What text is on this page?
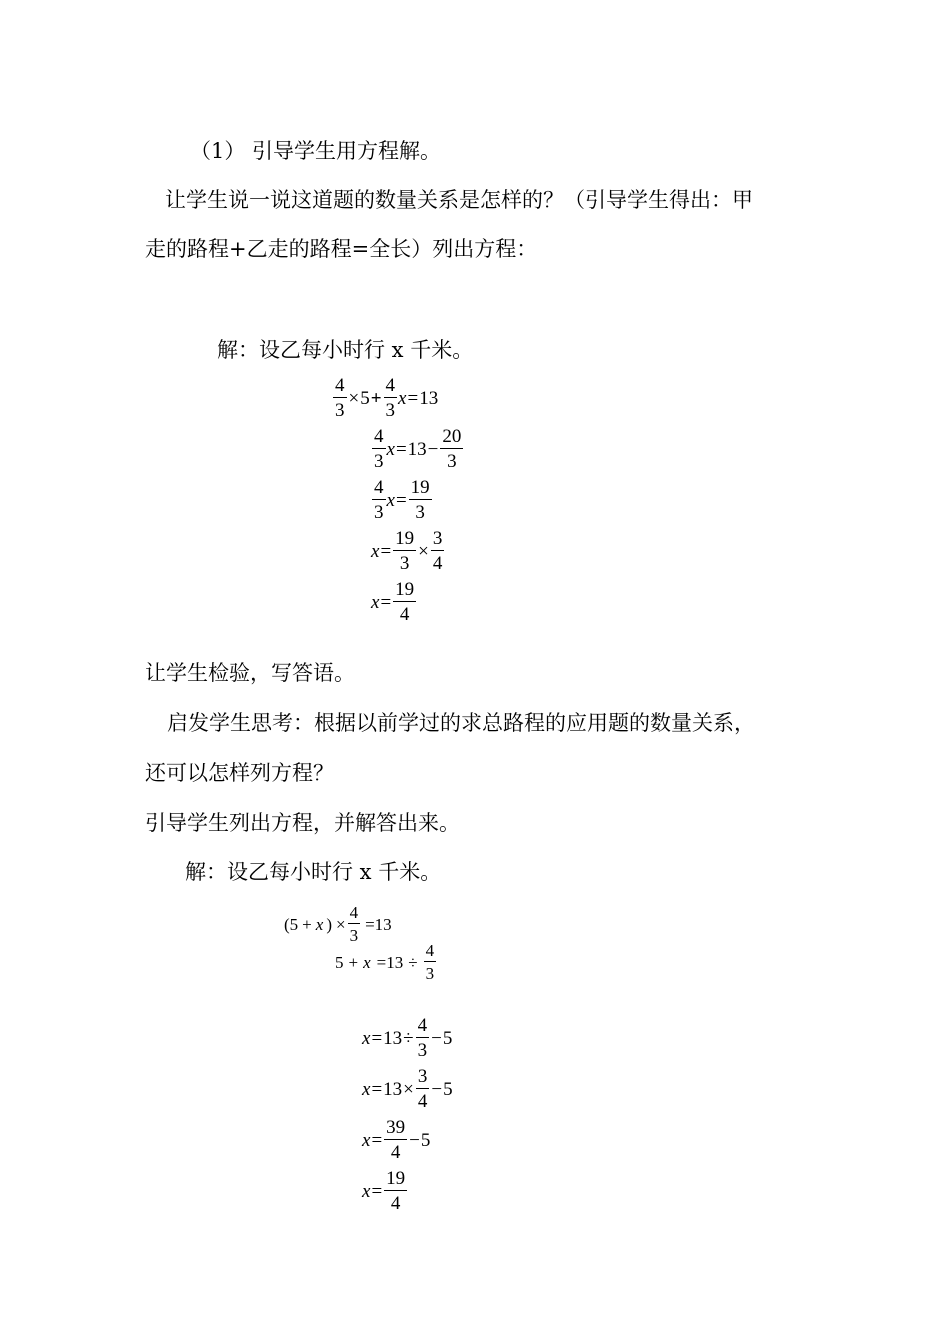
（1） 引导学生用方程解。
让学生说一说这道题的数量关系是怎样的？（引导学生得出：甲
走的路程+乙走的路程=全长）列出方程：
解：设乙每小时行 x 千米。
$\frac{4}{3} \times 5 + \frac{4}{3}$ x = 13
$\frac{4}{3}$ $x = 13 - \frac{20}{3}$
$\frac{4}{3}$ $x = \frac{19}{3}$
$x = \frac{19}{3} \times \frac{3}{4}$
$x = \frac{19}{4}$
让学生检验，写答语。
启发学生思考：根据以前学过的求总路程的应用题的数量关系，
还可以怎样列方程？
引导学生列出方程，并解答出来。
解：设乙每小时行 x 千米。
(5 + x ) × $\frac{4}{3} =13$
$5 + x =13 \div \frac{4}{3}$
$x = 13 \div \frac{4}{3} - 5$
$x = 13 \times \frac{3}{4} - 5$
$x = \frac{39}{4} - 5$
$x = \frac{19}{4}$
